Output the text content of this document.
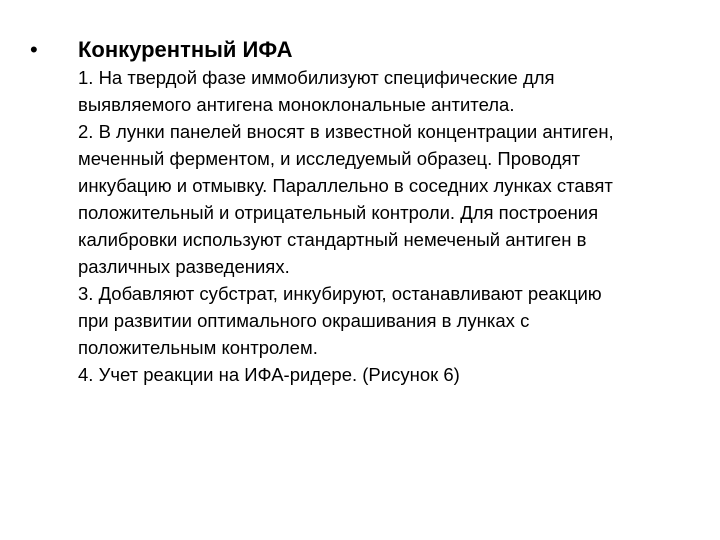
•	Конкурентный ИФА

1. На твердой фазе иммобилизуют специфические для

выявляемого антигена моноклональные антитела.

2. В лунки панелей вносят в известной концентрации антиген,

меченный ферментом, и исследуемый образец. Проводят

инкубацию и отмывку. Параллельно в соседних лунках ставят

положительный и отрицательный контроли. Для построения

калибровки используют стандартный немеченый антиген в

различных разведениях.

3. Добавляют субстрат, инкубируют, останавливают реакцию

при развитии оптимального окрашивания в лунках с

положительным контролем.

4. Учет реакции на ИФА-ридере. (Рисунок 6)
